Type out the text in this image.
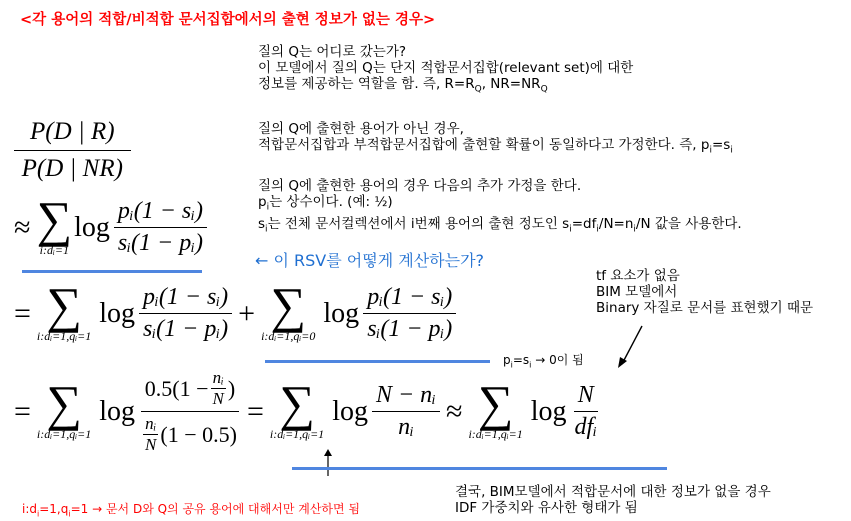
<각 용어의 적합/비적합 문서집합에서의 출현 정보가 없는 경우>
질의 Q는 어디로 갔는가?
이 모델에서 질의 Q는 단지 적합문서집합(relevant set)에 대한
정보를 제공하는 역할을 함. 즉, $R=R_Q$, $NR=NR_Q$
질의 Q에 출현한 용어가 아닌 경우,
적합문서집합과 부적합문서집합에 출현할 확률이 동일하다고 가정한다. 즉, $p_i=s_i$
질의 Q에 출현한 용어의 경우 다음의 추가 가정을 한다.
$p_i$는 상수이다. (예: ½)
$s_i$는 전체 문서컬렉션에서 i번째 용어의 출현 정도인 $s_i=df_i/N=n_i/N$ 값을 사용한다.
← 이 RSV를 어떻게 계산하는가?
tf 요소가 없음
BIM 모델에서
Binary 자질로 문서를 표현했기 때문
$p_i=s_i \to 0$이 됨
$i:d_i=1,q_i=1$ → 문서 D와 Q의 공유 용어에 대해서만 계산하면 됨
결국, BIM모델에서 적합문서에 대한 정보가 없을 경우
IDF 가중치와 유사한 형태가 됨
$\frac{P(D | R)}{P(D | NR)}$
≈ ∑
i:dᵢ=1
$\log \frac{\text{pᵢ(1 − sᵢ)}}{\text{sᵢ(1 − pᵢ)}}$
= ∑
i:dᵢ=1,qᵢ=1
$\log \frac{\text{pᵢ(1 − sᵢ)}}{\text{sᵢ(1 − pᵢ)}}$ + ∑
i:dᵢ=1,qᵢ=0
$\log \frac{\text{pᵢ(1 − sᵢ)}}{\text{sᵢ(1 − pᵢ)}}$
= ∑
i:dᵢ=1,qᵢ=1
$\log \frac{0.5(1 - \frac{\text{nᵢ}}{N} )}{\frac{\text{nᵢ}}{N} (1 - 0.5)}$ = ∑
i:dᵢ=1,qᵢ=1
$\log \frac{\text{N − nᵢ}}{\text{nᵢ}}$ ≈ ∑
i:dᵢ=1,qᵢ=1
$\log \frac{N}{\text{dfᵢ}}$
